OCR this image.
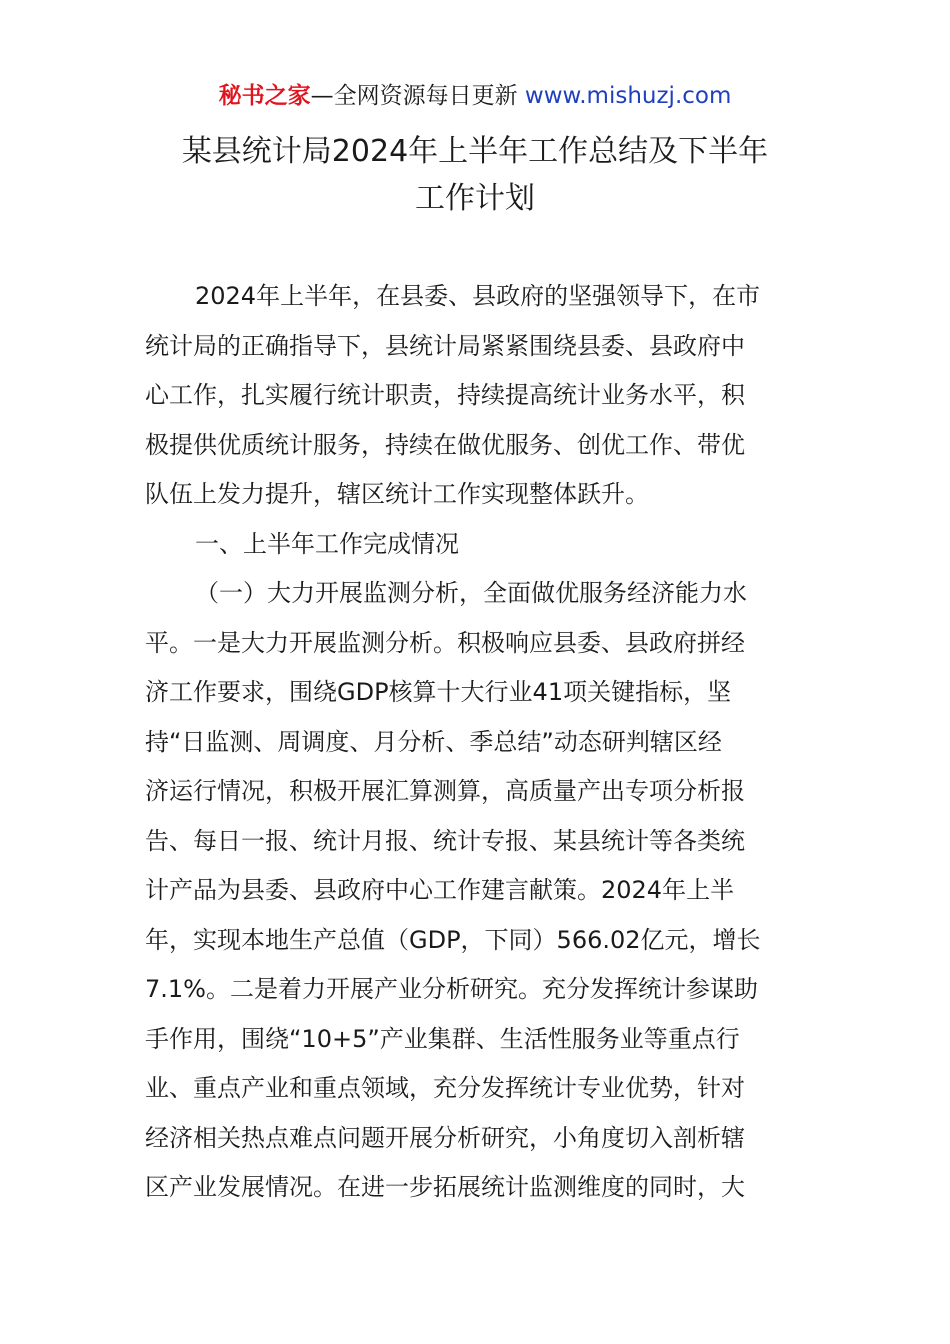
秘书之家—全网资源每日更新 www.mishuzj.com
某县统计局2024年上半年工作总结及下半年
工作计划
2024年上半年，在县委、县政府的坚强领导下，在市
统计局的正确指导下，县统计局紧紧围绕县委、县政府中
心工作，扎实履行统计职责，持续提高统计业务水平，积
极提供优质统计服务，持续在做优服务、创优工作、带优
队伍上发力提升，辖区统计工作实现整体跃升。
一、上半年工作完成情况
（一）大力开展监测分析，全面做优服务经济能力水
平。一是大力开展监测分析。积极响应县委、县政府拼经
济工作要求，围绕GDP核算十大行业41项关键指标，坚
持“日监测、周调度、月分析、季总结”动态研判辖区经
济运行情况，积极开展汇算测算，高质量产出专项分析报
告、每日一报、统计月报、统计专报、某县统计等各类统
计产品为县委、县政府中心工作建言献策。2024年上半
年，实现本地生产总值（GDP，下同）566.02亿元，增长
7.1%。二是着力开展产业分析研究。充分发挥统计参谋助
手作用，围绕“10+5”产业集群、生活性服务业等重点行
业、重点产业和重点领域，充分发挥统计专业优势，针对
经济相关热点难点问题开展分析研究，小角度切入剖析辖
区产业发展情况。在进一步拓展统计监测维度的同时，大
